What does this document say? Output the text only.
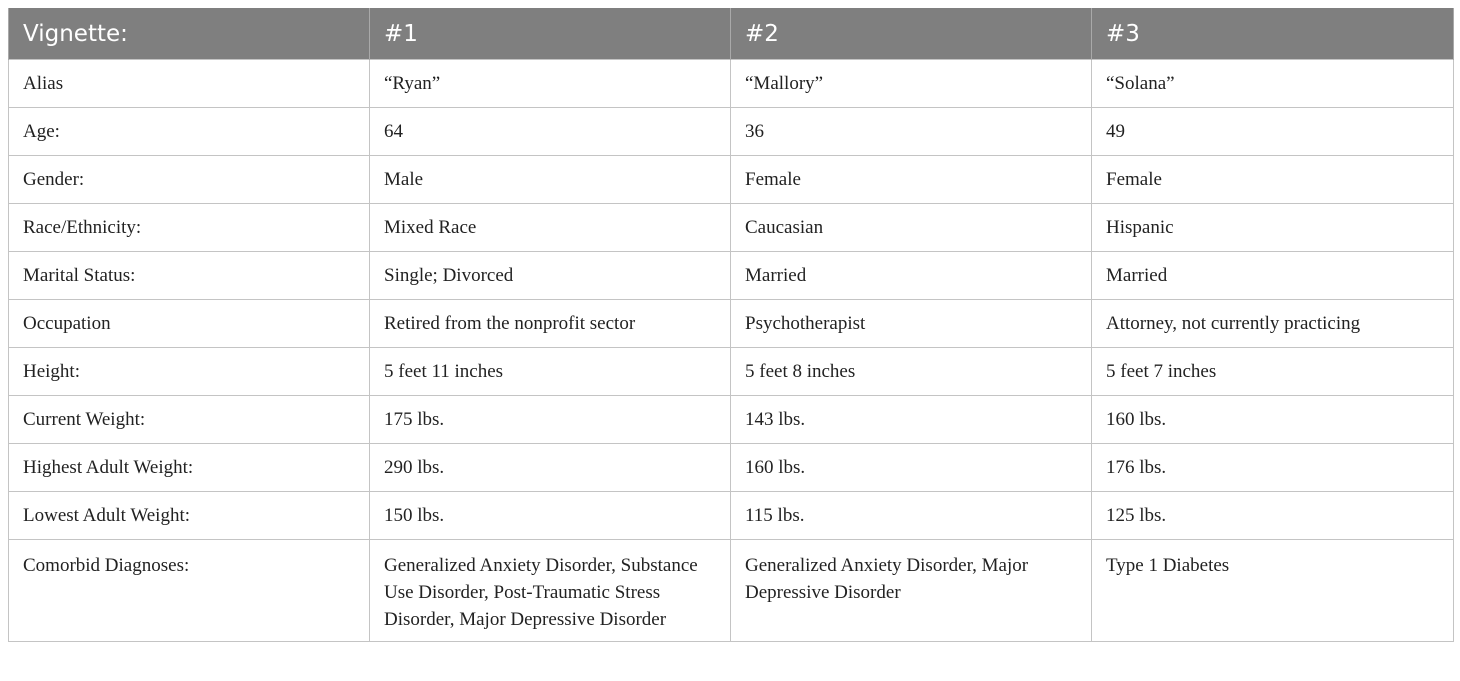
Vignette:	#1	#2	#3
Alias	“Ryan”	“Mallory”	“Solana”
Age:	64	36	49
Gender:	Male	Female	Female
Race/Ethnicity:	Mixed Race	Caucasian	Hispanic
Marital Status:	Single; Divorced	Married	Married
Occupation	Retired from the nonprofit sector	Psychotherapist	Attorney, not currently practicing
Height:	5 feet 11 inches	5 feet 8 inches	5 feet 7 inches
Current Weight:	175 lbs.	143 lbs.	160 lbs.
Highest Adult Weight:	290 lbs.	160 lbs.	176 lbs.
Lowest Adult Weight:	150 lbs.	115 lbs.	125 lbs.
Comorbid Diagnoses:	Generalized Anxiety Disorder, Substance Use Disorder, Post-Traumatic Stress Disorder, Major Depressive Disorder	Generalized Anxiety Disorder, Major Depressive Disorder	Type 1 Diabetes
